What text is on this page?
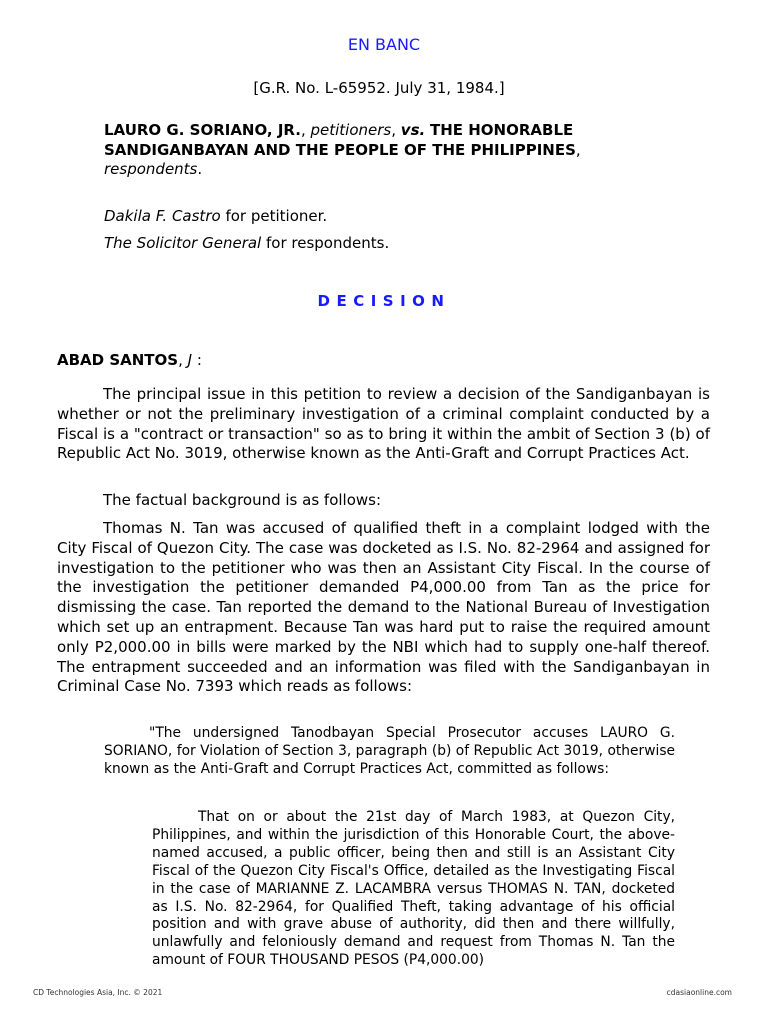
EN BANC
[G.R. No. L-65952. July 31, 1984.]
LAURO G. SORIANO, JR., petitioners, vs. THE HONORABLE SANDIGANBAYAN AND THE PEOPLE OF THE PHILIPPINES,
respondents.
Dakila F. Castro for petitioner.
The Solicitor General for respondents.
DECISION
ABAD SANTOS, J :

The principal issue in this petition to review a decision of the Sandiganbayan is whether or not the preliminary investigation of a criminal complaint conducted by a Fiscal is a "contract or transaction" so as to bring it within the ambit of Section 3 (b) of Republic Act No. 3019, otherwise known as the Anti-Graft and Corrupt Practices Act.

The factual background is as follows:

Thomas N. Tan was accused of qualified theft in a complaint lodged with the City Fiscal of Quezon City. The case was docketed as I.S. No. 82-2964 and assigned for investigation to the petitioner who was then an Assistant City Fiscal. In the course of the investigation the petitioner demanded P4,000.00 from Tan as the price for dismissing the case. Tan reported the demand to the National Bureau of Investigation which set up an entrapment. Because Tan was hard put to raise the required amount only P2,000.00 in bills were marked by the NBI which had to supply one-half thereof. The entrapment succeeded and an information was filed with the Sandiganbayan in Criminal Case No. 7393 which reads as follows:

"The undersigned Tanodbayan Special Prosecutor accuses LAURO G. SORIANO, for Violation of Section 3, paragraph (b) of Republic Act 3019, otherwise known as the Anti-Graft and Corrupt Practices Act, committed as follows:

That on or about the 21st day of March 1983, at Quezon City, Philippines, and within the jurisdiction of this Honorable Court, the above-named accused, a public officer, being then and still is an Assistant City Fiscal of the Quezon City Fiscal's Office, detailed as the Investigating Fiscal in the case of MARIANNE Z. LACAMBRA versus THOMAS N. TAN, docketed as I.S. No. 82-2964, for Qualified Theft, taking advantage of his official position and with grave abuse of authority, did then and there willfully, unlawfully and feloniously demand and request from Thomas N. Tan the amount of FOUR THOUSAND PESOS (P4,000.00)

CD Technologies Asia, Inc. © 2021	cdasiaonline.com
